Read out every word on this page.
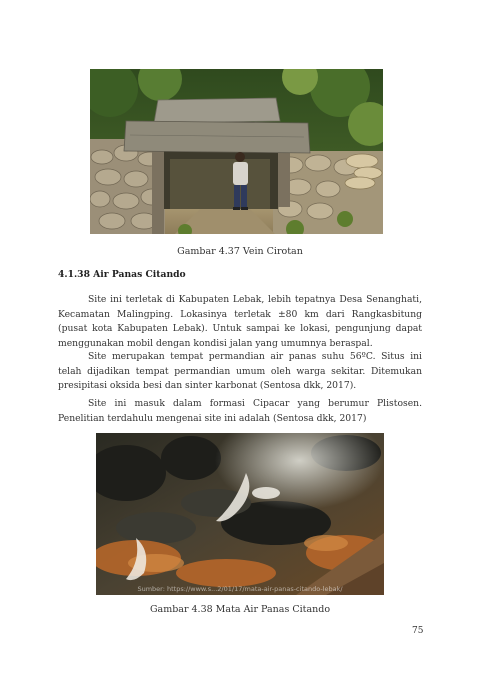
Gambar 4.37 Vein Cirotan
4.1.38 Air Panas Citando

Site ini terletak di Kabupaten Lebak, lebih tepatnya Desa Senanghati, Kecamatan Malingping. Lokasinya terletak ±80 km dari Rangkasbitung (pusat kota Kabupaten Lebak). Untuk sampai ke lokasi, pengunjung dapat menggunakan mobil dengan kondisi jalan yang umumnya beraspal.

Site merupakan tempat permandian air panas suhu 56ºC. Situs ini telah dijadikan tempat permandian umum oleh warga sekitar. Ditemukan presipitasi oksida besi dan sinter karbonat (Sentosa dkk, 2017).

Site ini masuk dalam formasi Cipacar yang berumur Plistosen. Penelitian terdahulu mengenai site ini adalah (Sentosa dkk, 2017)

Sumber: https://www.s...2/01/17/mata-air-panas-citando-lebak/
Gambar 4.38 Mata Air Panas Citando
75
